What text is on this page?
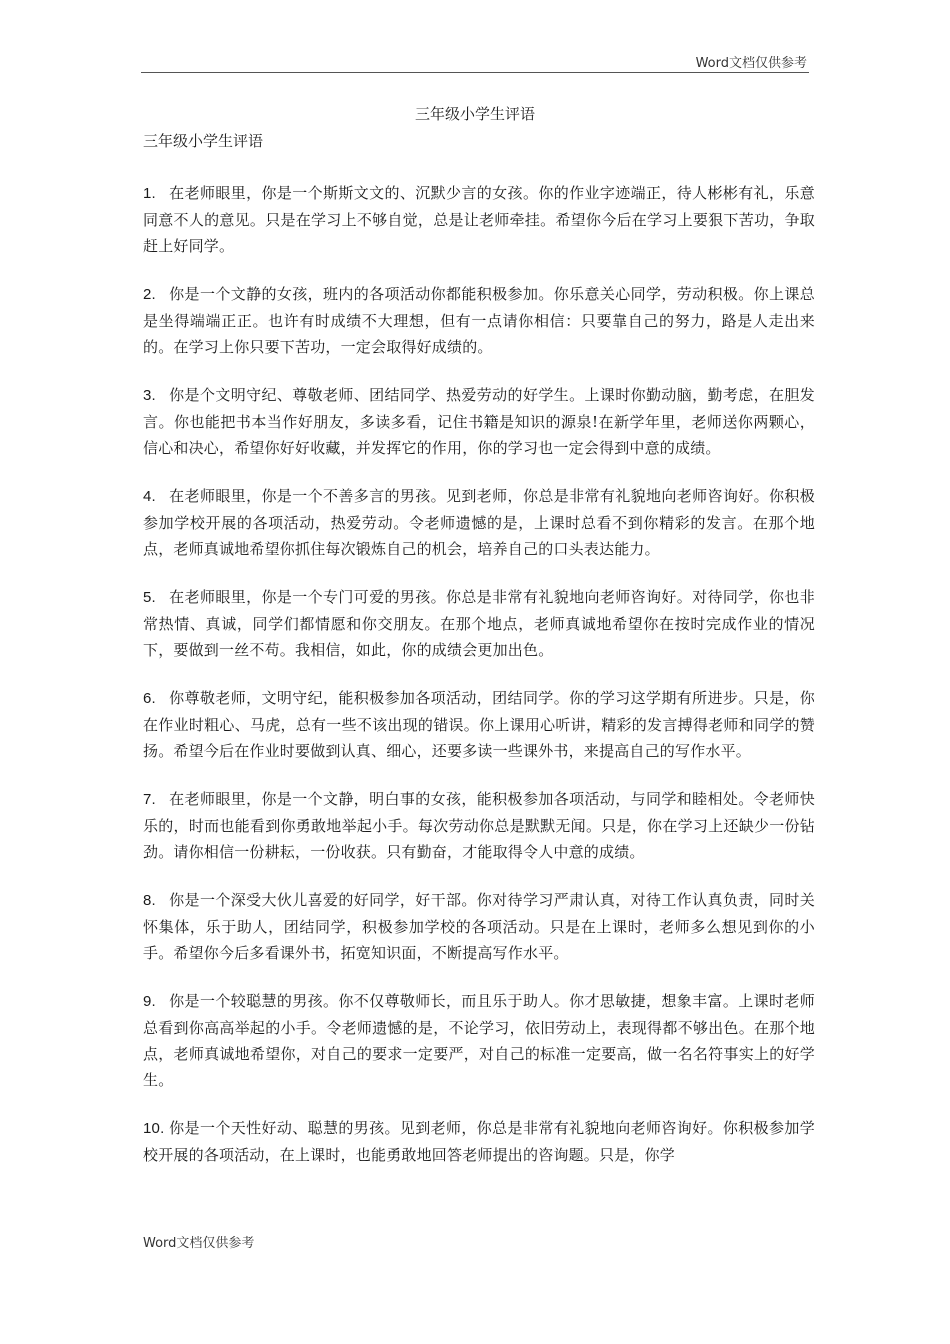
Word文档仅供参考
三年级小学生评语
三年级小学生评语

1. 在老师眼里，你是一个斯斯文文的、沉默少言的女孩。你的作业字迹端正，待人彬彬有礼，乐意同意不人的意见。只是在学习上不够自觉，总是让老师牵挂。希望你今后在学习上要狠下苦功，争取赶上好同学。

2. 你是一个文静的女孩，班内的各项活动你都能积极参加。你乐意关心同学，劳动积极。你上课总是坐得端端正正。也许有时成绩不大理想，但有一点请你相信：只要靠自己的努力，路是人走出来的。在学习上你只要下苦功，一定会取得好成绩的。

3. 你是个文明守纪、尊敬老师、团结同学、热爱劳动的好学生。上课时你勤动脑，勤考虑，在胆发言。你也能把书本当作好朋友，多读多看，记住书籍是知识的源泉!在新学年里，老师送你两颗心，信心和决心，希望你好好收藏，并发挥它的作用，你的学习也一定会得到中意的成绩。

4. 在老师眼里，你是一个不善多言的男孩。见到老师，你总是非常有礼貌地向老师咨询好。你积极参加学校开展的各项活动，热爱劳动。令老师遗憾的是，上课时总看不到你精彩的发言。在那个地点，老师真诚地希望你抓住每次锻炼自己的机会，培养自己的口头表达能力。

5. 在老师眼里，你是一个专门可爱的男孩。你总是非常有礼貌地向老师咨询好。对待同学，你也非常热情、真诚，同学们都情愿和你交朋友。在那个地点，老师真诚地希望你在按时完成作业的情况下，要做到一丝不苟。我相信，如此，你的成绩会更加出色。

6. 你尊敬老师，文明守纪，能积极参加各项活动，团结同学。你的学习这学期有所进步。只是，你在作业时粗心、马虎，总有一些不该出现的错误。你上课用心听讲，精彩的发言搏得老师和同学的赞扬。希望今后在作业时要做到认真、细心，还要多读一些课外书，来提高自己的写作水平。

7. 在老师眼里，你是一个文静，明白事的女孩，能积极参加各项活动，与同学和睦相处。令老师快乐的，时而也能看到你勇敢地举起小手。每次劳动你总是默默无闻。只是，你在学习上还缺少一份钻劲。请你相信一份耕耘，一份收获。只有勤奋，才能取得令人中意的成绩。

8. 你是一个深受大伙儿喜爱的好同学，好干部。你对待学习严肃认真，对待工作认真负责，同时关怀集体，乐于助人，团结同学，积极参加学校的各项活动。只是在上课时，老师多么想见到你的小手。希望你今后多看课外书，拓宽知识面，不断提高写作水平。

9. 你是一个较聪慧的男孩。你不仅尊敬师长，而且乐于助人。你才思敏捷，想象丰富。上课时老师总看到你高高举起的小手。令老师遗憾的是，不论学习，依旧劳动上，表现得都不够出色。在那个地点，老师真诚地希望你，对自己的要求一定要严，对自己的标准一定要高，做一名名符事实上的好学生。

10. 你是一个天性好动、聪慧的男孩。见到老师，你总是非常有礼貌地向老师咨询好。你积极参加学校开展的各项活动，在上课时，也能勇敢地回答老师提出的咨询题。只是，你学

Word文档仅供参考
